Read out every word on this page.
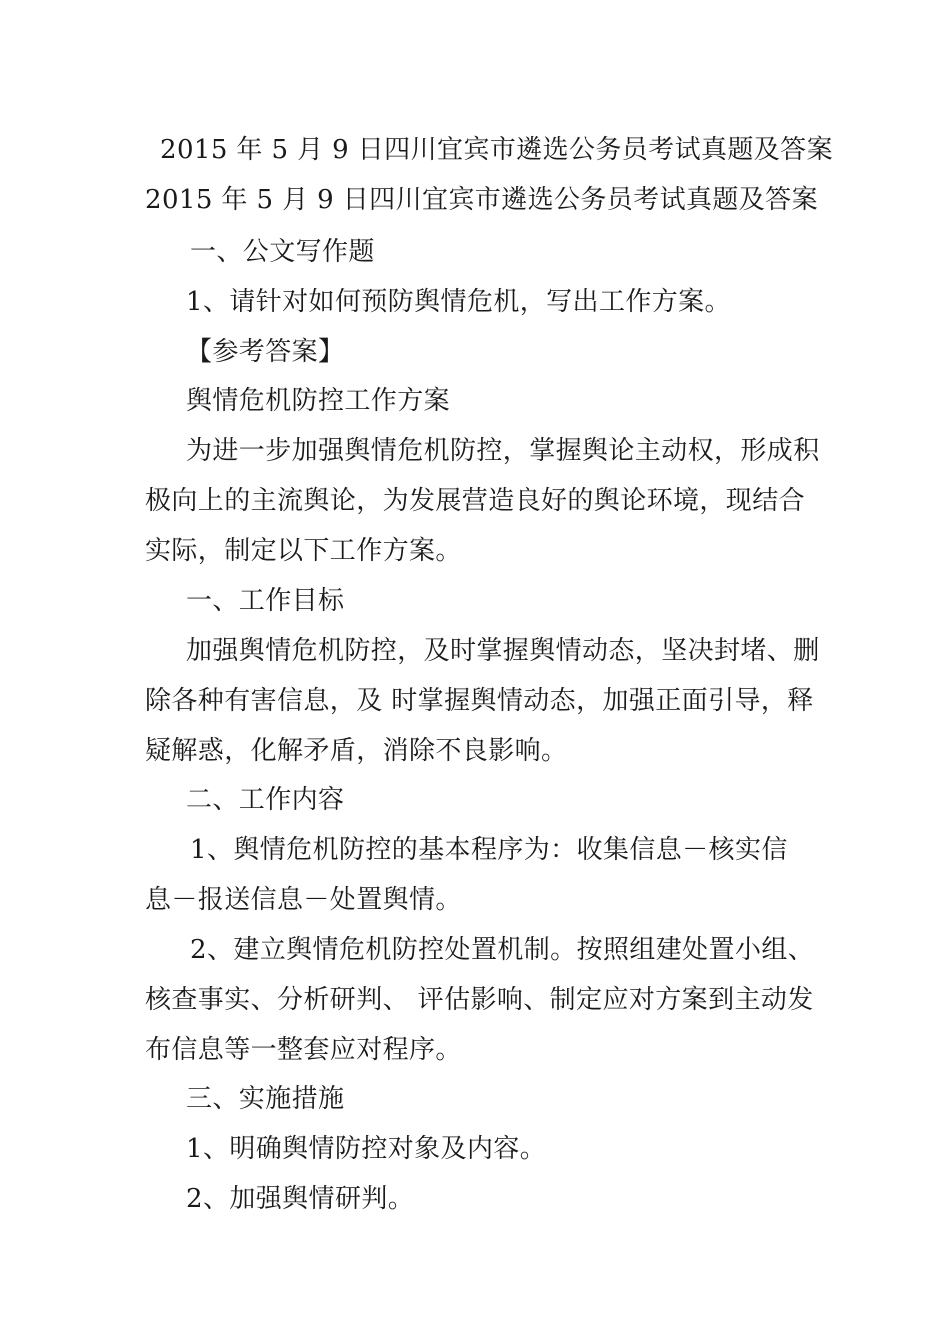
2015 年 5 月 9 日四川宜宾市遴选公务员考试真题及答案
2015 年 5 月 9 日四川宜宾市遴选公务员考试真题及答案
一、公文写作题
1、请针对如何预防舆情危机，写出工作方案。
【参考答案】
舆情危机防控工作方案
为进一步加强舆情危机防控，掌握舆论主动权，形成积
极向上的主流舆论，为发展营造良好的舆论环境，现结合
实际，制定以下工作方案。
一、工作目标
加强舆情危机防控，及时掌握舆情动态，坚决封堵、删
除各种有害信息，及 时掌握舆情动态，加强正面引导，释
疑解惑，化解矛盾，消除不良影响。
二、工作内容
1、舆情危机防控的基本程序为：收集信息－核实信
息－报送信息－处置舆情。
2、建立舆情危机防控处置机制。按照组建处置小组、
核查事实、分析研判、 评估影响、制定应对方案到主动发
布信息等一整套应对程序。
三、实施措施
1、明确舆情防控对象及内容。
2、加强舆情研判。
